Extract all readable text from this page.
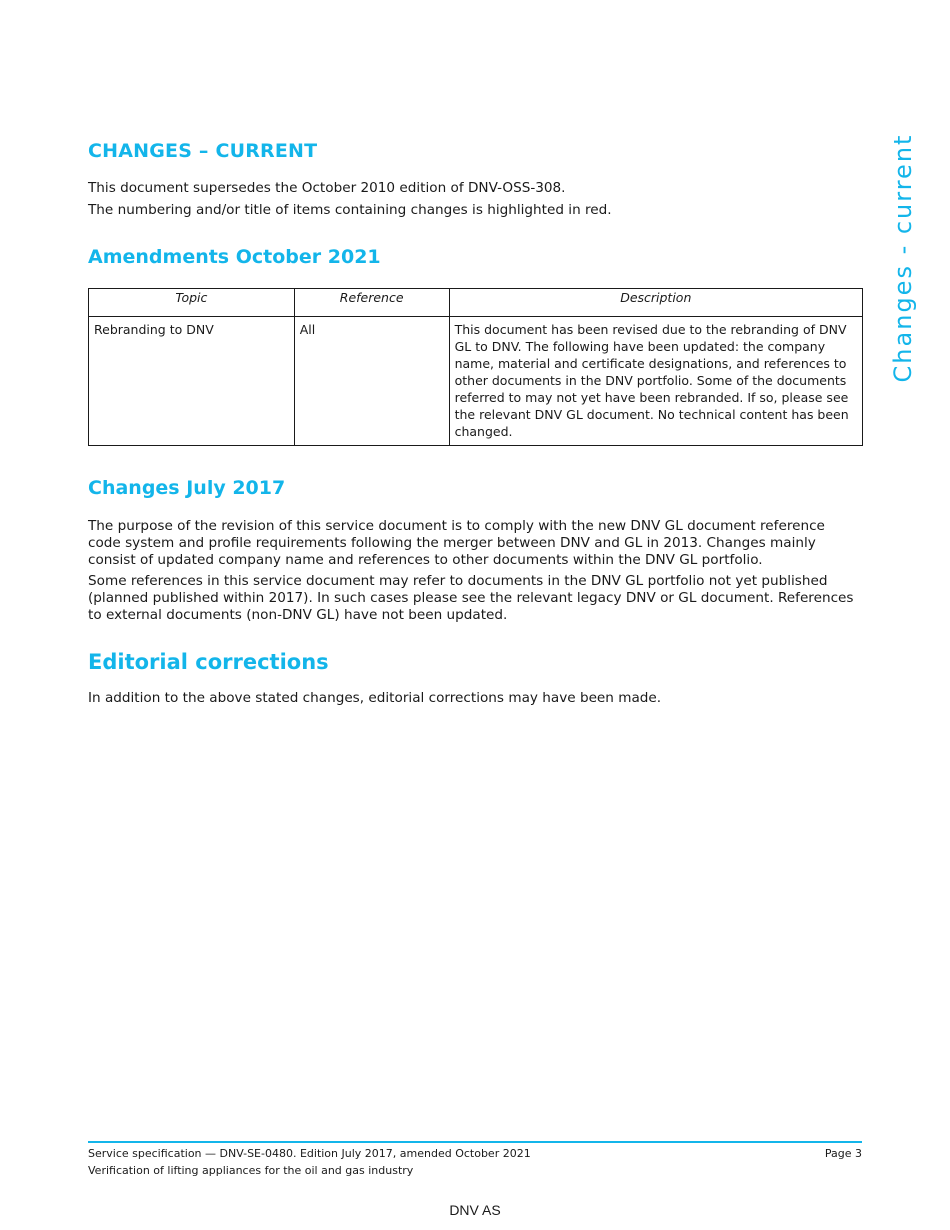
Changes - current
CHANGES – CURRENT

This document supersedes the October 2010 edition of DNV-OSS-308.

The numbering and/or title of items containing changes is highlighted in red.

Amendments October 2021
Topic	Reference	Description
Rebranding to DNV	All	This document has been revised due to the rebranding of DNV GL to DNV. The following have been updated: the company name, material and certificate designations, and references to other documents in the DNV portfolio. Some of the documents referred to may not yet have been rebranded. If so, please see the relevant DNV GL document. No technical content has been changed.
Changes July 2017

The purpose of the revision of this service document is to comply with the new DNV GL document reference code system and profile requirements following the merger between DNV and GL in 2013. Changes mainly consist of updated company name and references to other documents within the DNV GL portfolio.

Some references in this service document may refer to documents in the DNV GL portfolio not yet published (planned published within 2017). In such cases please see the relevant legacy DNV or GL document. References to external documents (non-DNV GL) have not been updated.

Editorial corrections

In addition to the above stated changes, editorial corrections may have been made.

Service specification — DNV-SE-0480. Edition July 2017, amended October 2021
Verification of lifting appliances for the oil and gas industry
Page 3
DNV AS
